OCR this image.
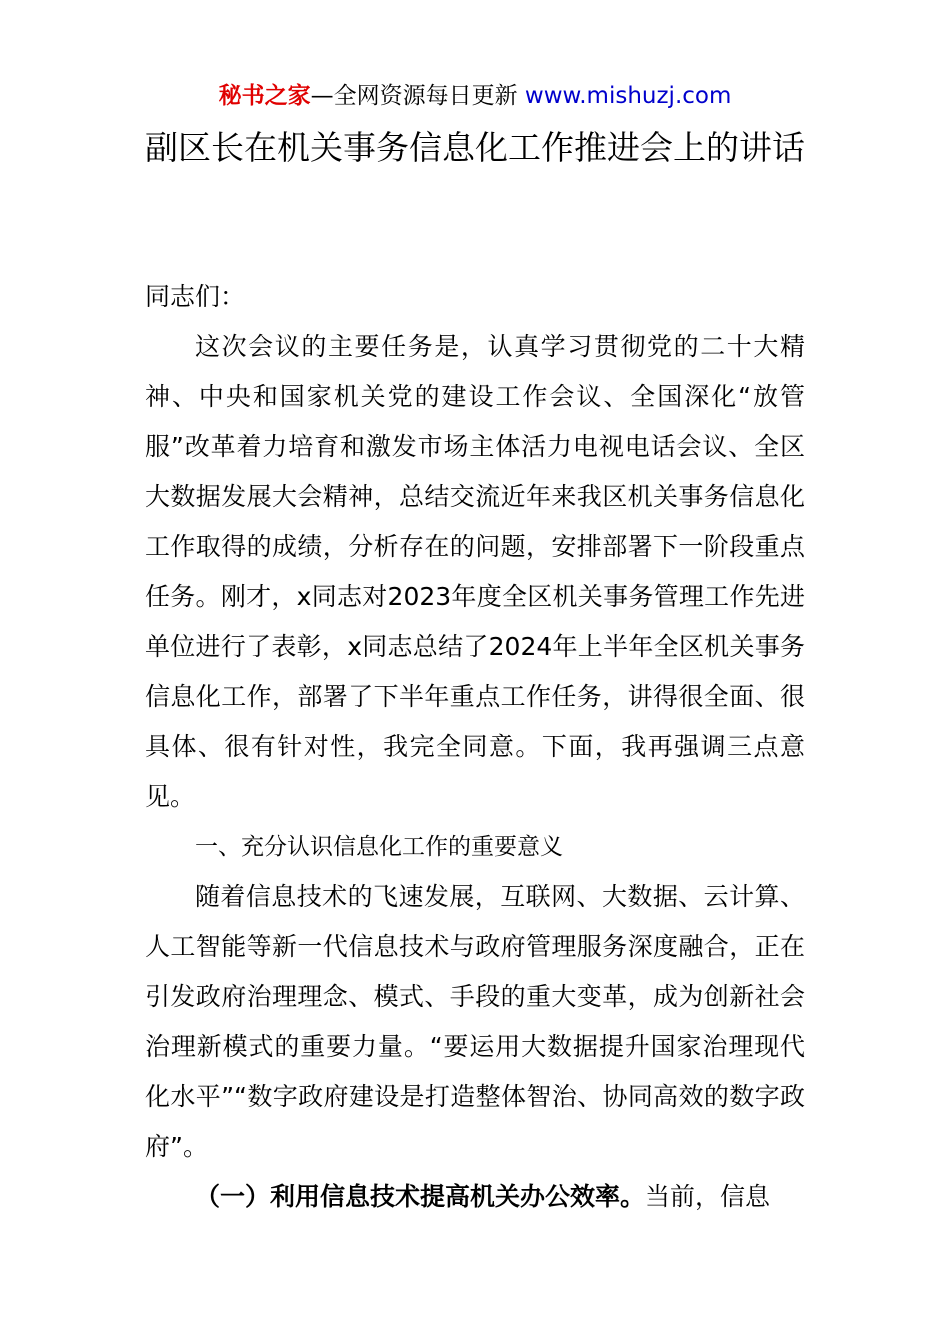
秘书之家—全网资源每日更新 www.mishuzj.com
副区长在机关事务信息化工作推进会上的讲话

同志们：

这次会议的主要任务是，认真学习贯彻党的二十大精神、中央和国家机关党的建设工作会议、全国深化“放管服”改革着力培育和激发市场主体活力电视电话会议、全区大数据发展大会精神，总结交流近年来我区机关事务信息化工作取得的成绩，分析存在的问题，安排部署下一阶段重点任务。刚才，x同志对2023年度全区机关事务管理工作先进单位进行了表彰，x同志总结了2024年上半年全区机关事务信息化工作，部署了下半年重点工作任务，讲得很全面、很具体、很有针对性，我完全同意。下面，我再强调三点意见。

一、充分认识信息化工作的重要意义

随着信息技术的飞速发展，互联网、大数据、云计算、人工智能等新一代信息技术与政府管理服务深度融合，正在引发政府治理理念、模式、手段的重大变革，成为创新社会治理新模式的重要力量。“要运用大数据提升国家治理现代化水平”“数字政府建设是打造整体智治、协同高效的数字政府”。

（一）利用信息技术提高机关办公效率。当前，信息
